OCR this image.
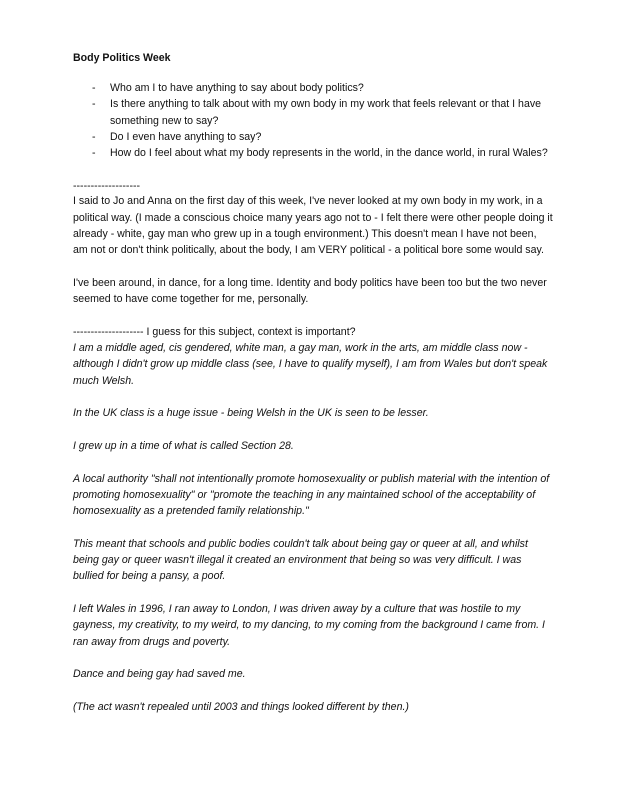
Body Politics Week
- Who am I to have anything to say about body politics?
- Is there anything to talk about with my own body in my work that feels relevant or that I have something new to say?
- Do I even have anything to say?
- How do I feel about what my body represents in the world, in the dance world, in rural Wales?

-------------------

I said to Jo and Anna on the first day of this week, I've never looked at my own body in my work, in a political way. (I made a conscious choice many years ago not to - I felt there were other people doing it already - white, gay man who grew up in a tough environment.) This doesn't mean I have not been, am not or don't think politically, about the body, I am VERY political - a political bore some would say.

I've been around, in dance, for a long time. Identity and body politics have been too but the two never seemed to have come together for me, personally.

-------------------- I guess for this subject, context is important?

I am a middle aged, cis gendered, white man, a gay man, work in the arts, am middle class now - although I didn't grow up middle class (see, I have to qualify myself), I am from Wales but don't speak much Welsh.

In the UK class is a huge issue - being Welsh in the UK is seen to be lesser.

I grew up in a time of what is called Section 28.

A local authority "shall not intentionally promote homosexuality or publish material with the intention of promoting homosexuality" or "promote the teaching in any maintained school of the acceptability of homosexuality as a pretended family relationship."

This meant that schools and public bodies couldn't talk about being gay or queer at all, and whilst being gay or queer wasn't illegal it created an environment that being so was very difficult. I was bullied for being a pansy, a poof.

I left Wales in 1996, I ran away to London, I was driven away by a culture that was hostile to my gayness, my creativity, to my weird, to my dancing, to my coming from the background I came from. I ran away from drugs and poverty.

Dance and being gay had saved me.

(The act wasn't repealed until 2003 and things looked different by then.)
